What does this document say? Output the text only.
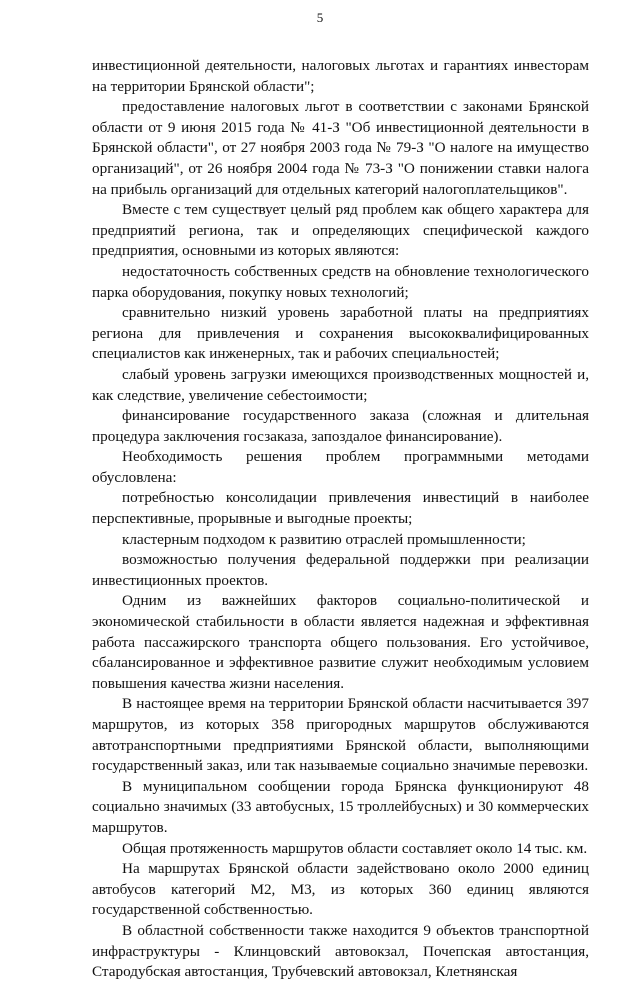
5

инвестиционной деятельности, налоговых льготах и гарантиях инвесторам на территории Брянской области";

предоставление налоговых льгот в соответствии с законами Брянской области от 9 июня 2015 года № 41-З "Об инвестиционной деятельности в Брянской области", от 27 ноября 2003 года № 79-З "О налоге на имущество организаций", от 26 ноября 2004 года № 73-З "О понижении ставки налога на прибыль организаций для отдельных категорий налогоплательщиков".

Вместе с тем существует целый ряд проблем как общего характера для предприятий региона, так и определяющих специфической каждого предприятия, основными из которых являются:

недостаточность собственных средств на обновление технологического парка оборудования, покупку новых технологий;

сравнительно низкий уровень заработной платы на предприятиях региона для привлечения и сохранения высококвалифицированных специалистов как инженерных, так и рабочих специальностей;

слабый уровень загрузки имеющихся производственных мощностей и, как следствие, увеличение себестоимости;

финансирование государственного заказа (сложная и длительная процедура заключения госзаказа, запоздалое финансирование).

Необходимость решения проблем программными методами обусловлена:

потребностью консолидации привлечения инвестиций в наиболее перспективные, прорывные и выгодные проекты;

кластерным подходом к развитию отраслей промышленности;

возможностью получения федеральной поддержки при реализации инвестиционных проектов.

Одним из важнейших факторов социально-политической и экономической стабильности в области является надежная и эффективная работа пассажирского транспорта общего пользования. Его устойчивое, сбалансированное и эффективное развитие служит необходимым условием повышения качества жизни населения.

В настоящее время на территории Брянской области насчитывается 397 маршрутов, из которых 358 пригородных маршрутов обслуживаются автотранспортными предприятиями Брянской области, выполняющими государственный заказ, или так называемые социально значимые перевозки.

В муниципальном сообщении города Брянска функционируют 48 социально значимых (33 автобусных, 15 троллейбусных) и 30 коммерческих маршрутов.

Общая протяженность маршрутов области составляет около 14 тыс. км.

На маршрутах Брянской области задействовано около 2000 единиц автобусов категорий М2, М3, из которых 360 единиц являются государственной собственностью.

В областной собственности также находится 9 объектов транспортной инфраструктуры - Клинцовский автовокзал, Почепская автостанция, Стародубская автостанция, Трубчевский автовокзал, Клетнянская
